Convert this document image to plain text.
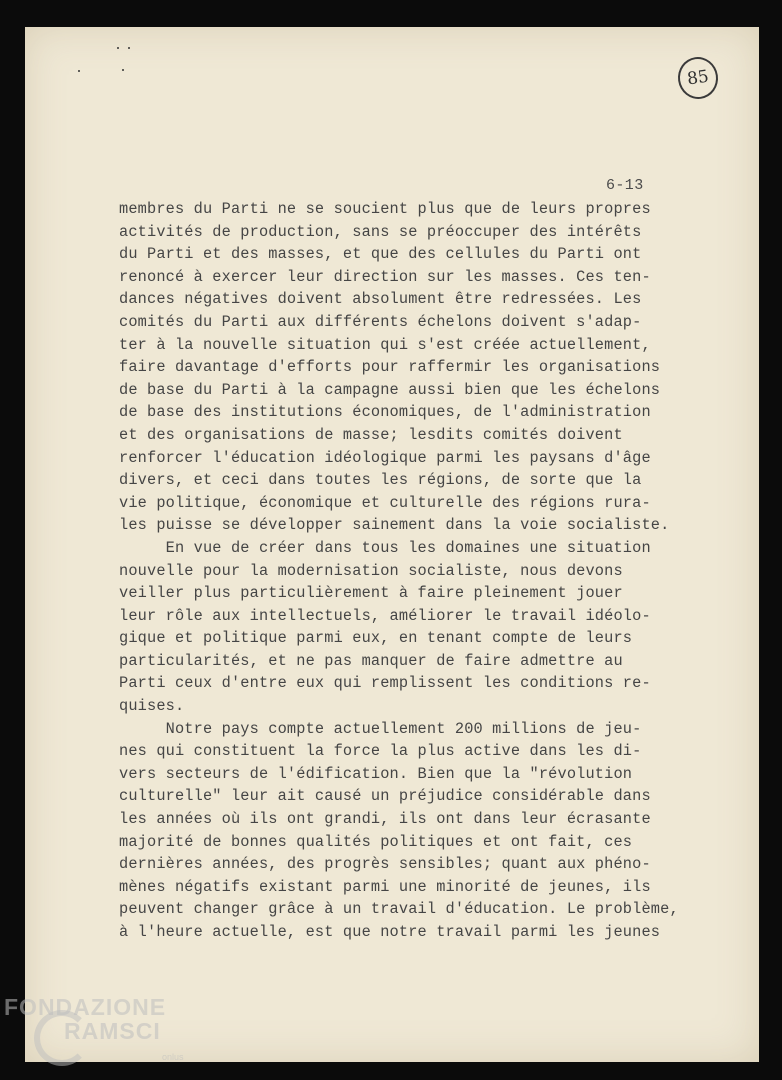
85
6-13
membres du Parti ne se soucient plus que de leurs propres
activités de production, sans se préoccuper des intérêts
du Parti et des masses, et que des cellules du Parti ont
renoncé à exercer leur direction sur les masses. Ces ten-
dances négatives doivent absolument être redressées. Les
comités du Parti aux différents échelons doivent s'adap-
ter à la nouvelle situation qui s'est créée actuellement,
faire davantage d'efforts pour raffermir les organisations
de base du Parti à la campagne aussi bien que les échelons
de base des institutions économiques, de l'administration
et des organisations de masse; lesdits comités doivent
renforcer l'éducation idéologique parmi les paysans d'âge
divers, et ceci dans toutes les régions, de sorte que la
vie politique, économique et culturelle des régions rura-
les puisse se développer sainement dans la voie socialiste.
En vue de créer dans tous les domaines une situation
nouvelle pour la modernisation socialiste, nous devons
veiller plus particulièrement à faire pleinement jouer
leur rôle aux intellectuels, améliorer le travail idéolo-
gique et politique parmi eux, en tenant compte de leurs
particularités, et ne pas manquer de faire admettre au
Parti ceux d'entre eux qui remplissent les conditions re-
quises.
Notre pays compte actuellement 200 millions de jeu-
nes qui constituent la force la plus active dans les di-
vers secteurs de l'édification. Bien que la "révolution
culturelle" leur ait causé un préjudice considérable dans
les années où ils ont grandi, ils ont dans leur écrasante
majorité de bonnes qualités politiques et ont fait, ces
dernières années, des progrès sensibles; quant aux phéno-
mènes négatifs existant parmi une minorité de jeunes, ils
peuvent changer grâce à un travail d'éducation. Le problème,
à l'heure actuelle, est que notre travail parmi les jeunes
FONDAZIONE
RAMSCI
onlus
